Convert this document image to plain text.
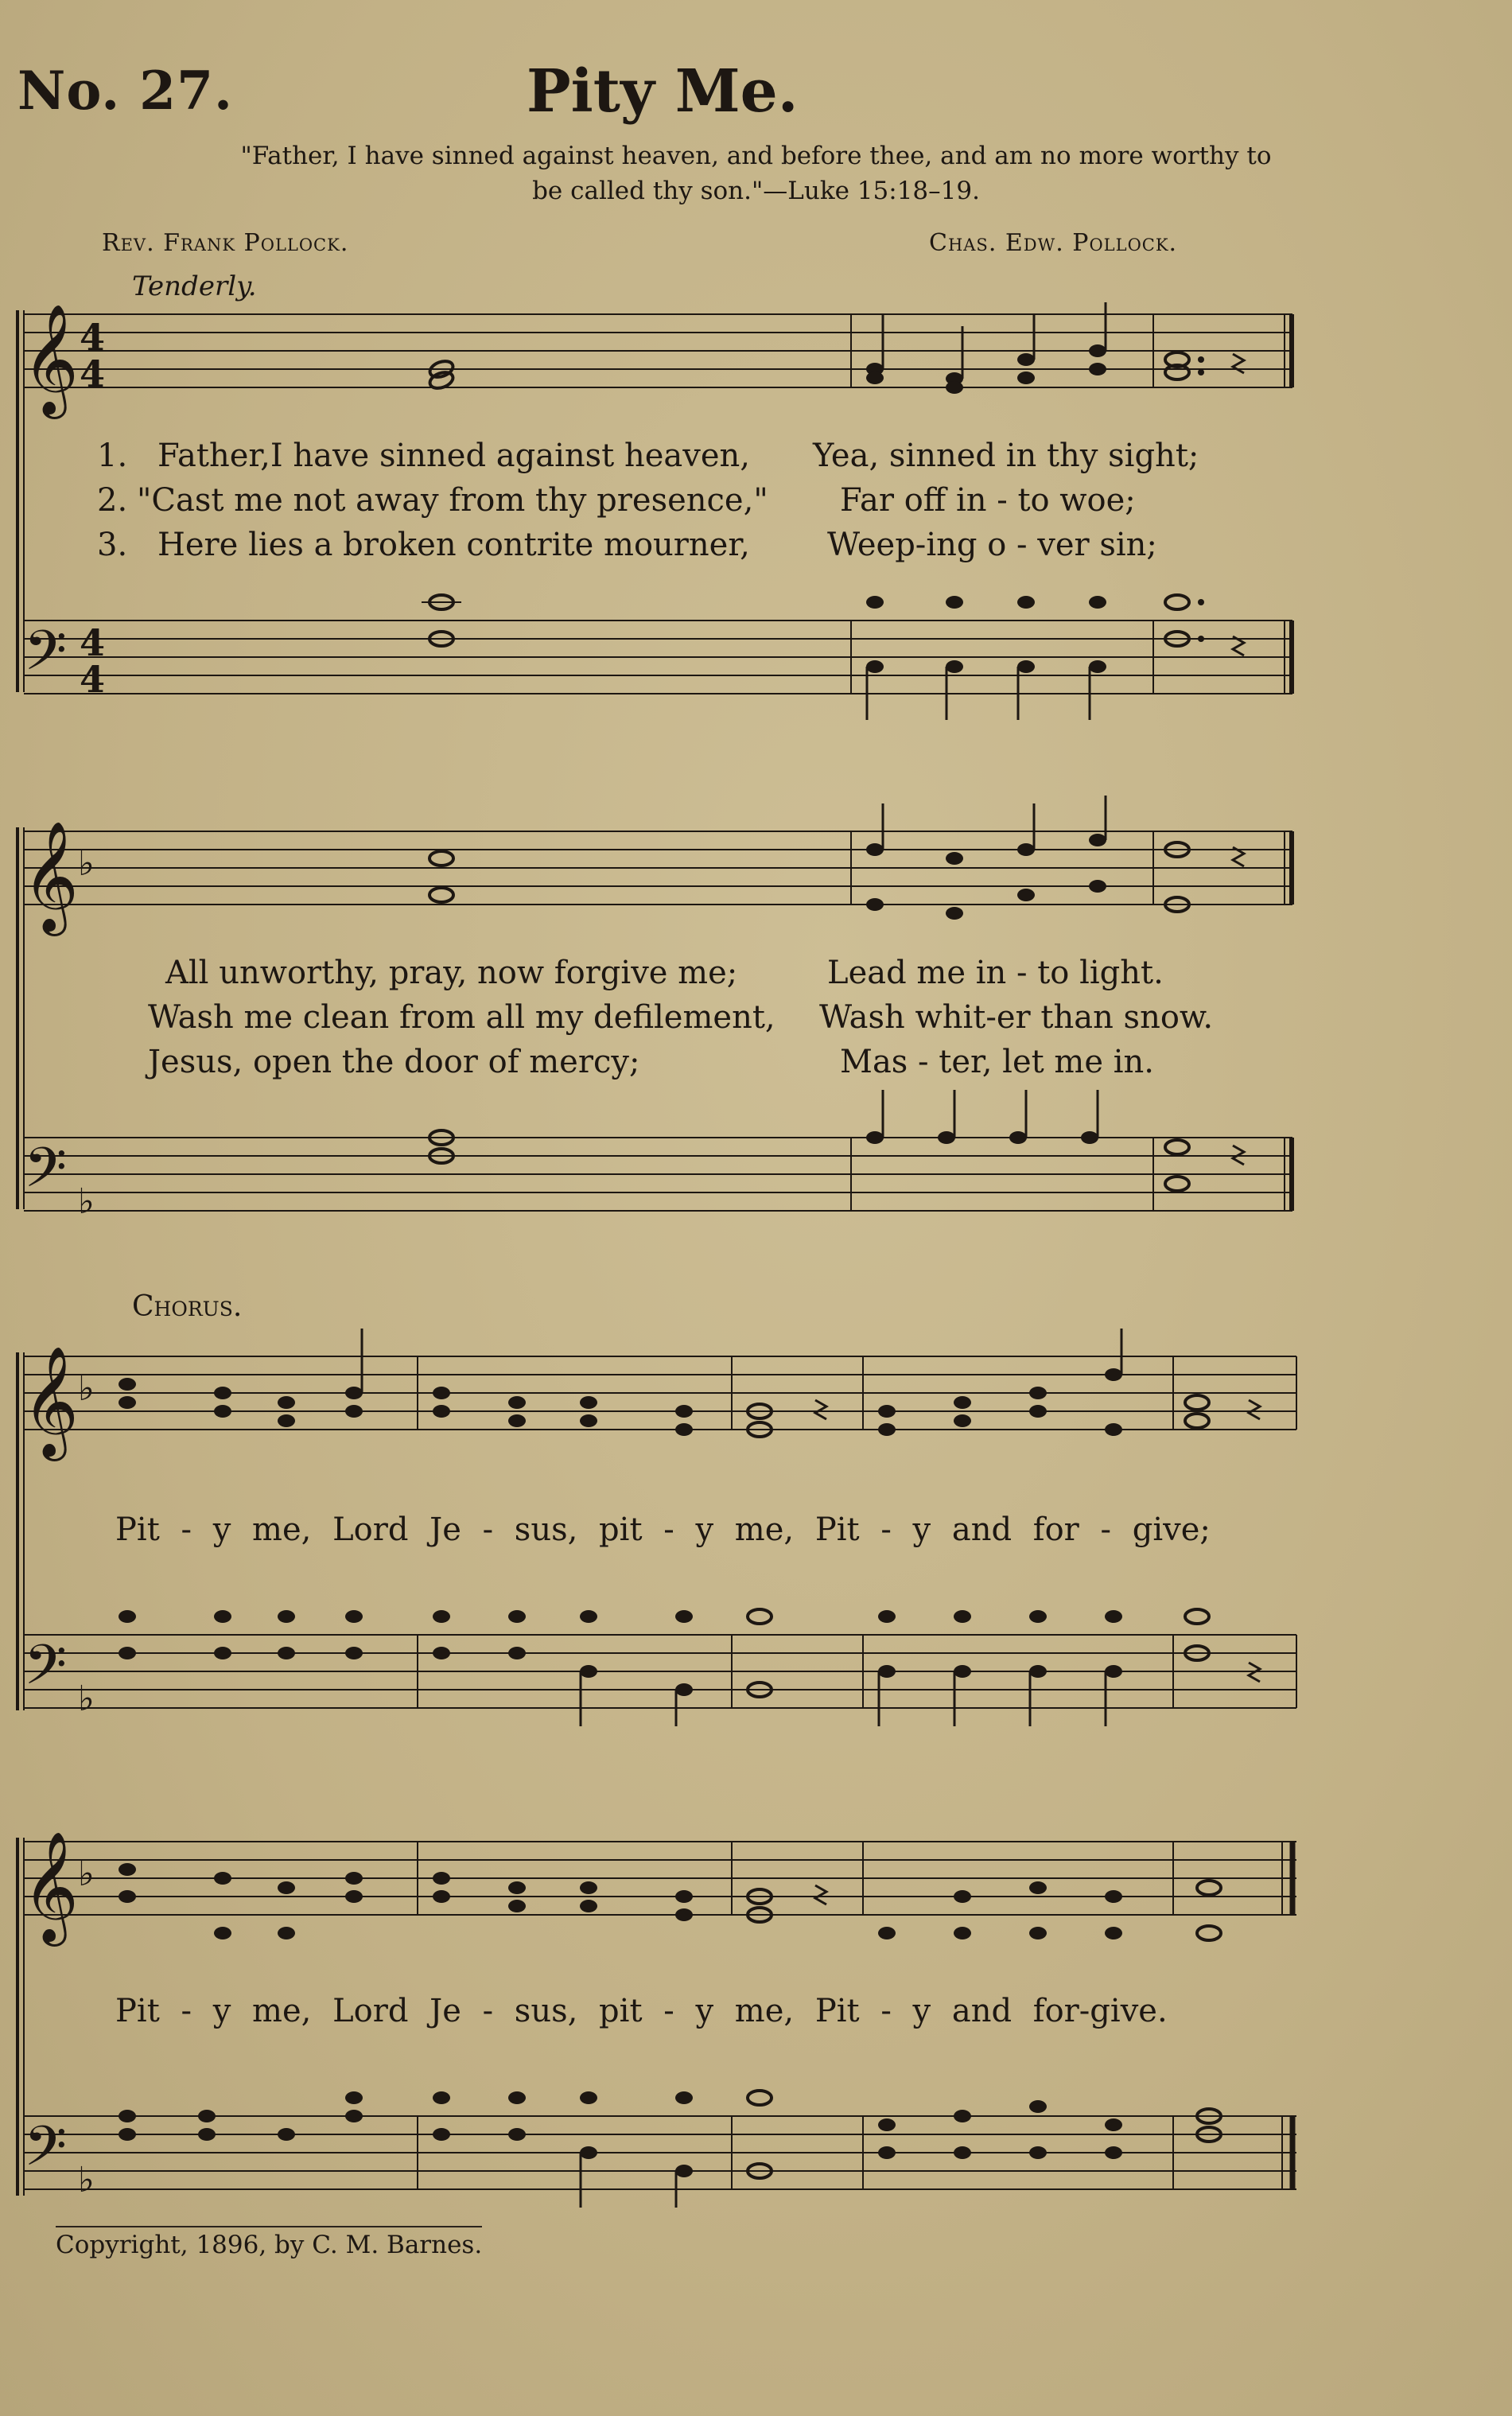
No. 27.	Pity Me.
"Father, I have sinned against heaven, and before thee, and am no more worthy to
be called thy son."—Luke 15:18–19.
Rev. Frank Pollock.	Chas. Edw. Pollock.
Tenderly.
𝄞 4
4
𝄢 4
4
𝄞 ♭
𝄢 ♭
𝄞 ♭
𝄢 ♭
𝄞 ♭
𝄢 ♭
1. Father,I have sinned against heaven, Yea, sinned in thy sight;
2. "Cast me not away from thy presence," Far off in - to woe;
3. Here lies a broken contrite mourner, Weep-ing o - ver sin;
All unworthy, pray, now forgive me;	Lead me in - to light.
Wash me clean from all my defilement, Wash whit-er than snow.
Jesus, open the door of mercy;	Mas - ter, let me in.
Chorus.
Pit - y me, Lord Je - sus, pit - y me, Pit - y and for - give;
Pit - y me, Lord Je - sus, pit - y me, Pit - y and for-give.
Copyright, 1896, by C. M. Barnes.
